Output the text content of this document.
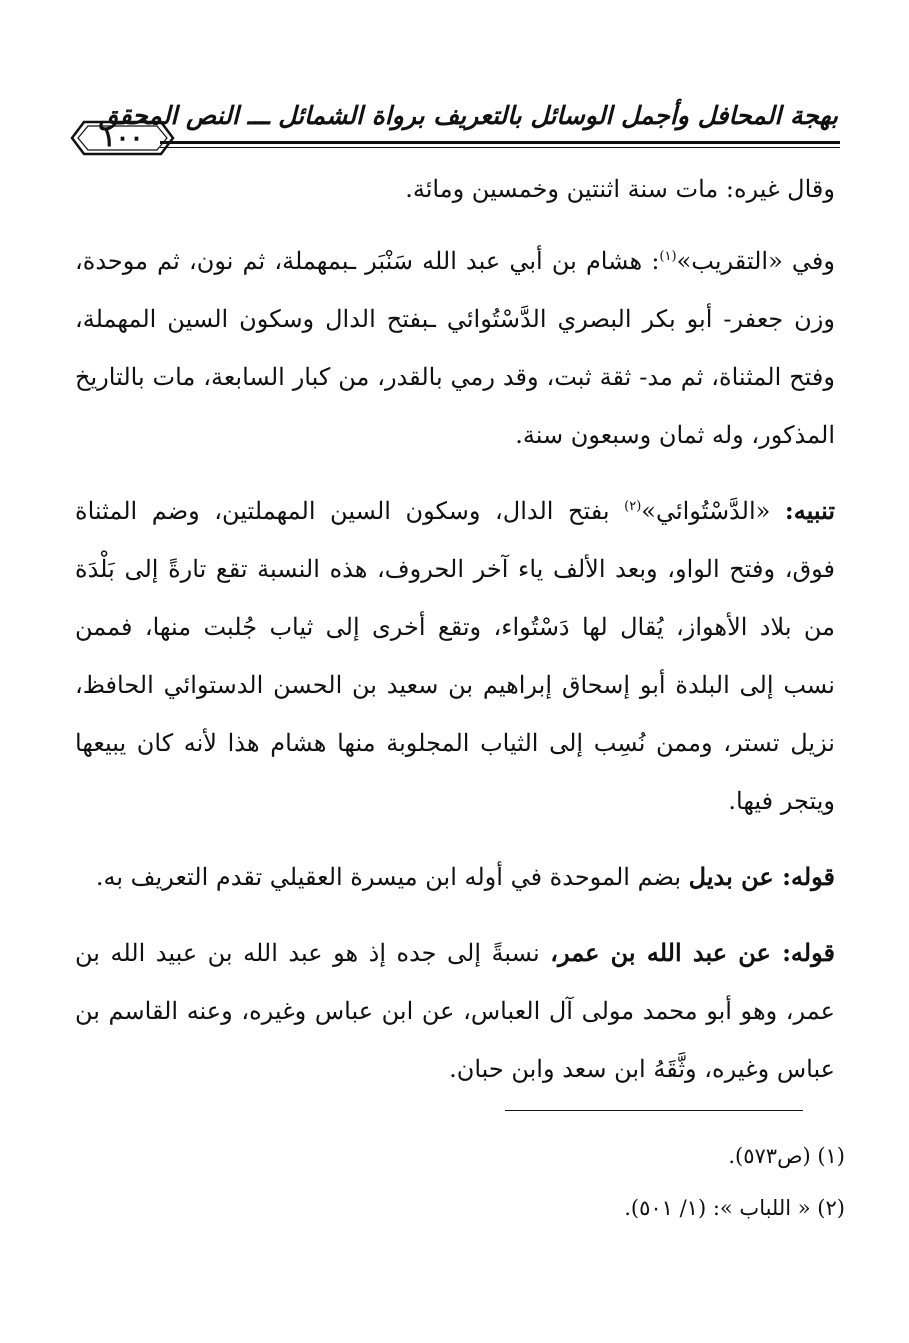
بهجة المحافل وأجمل الوسائل بالتعريف برواة الشمائل ـــ النص المحقق
١٠٠

وقال غيره: مات سنة اثنتين وخمسين ومائة.

وفي «التقريب»$^{(١)}$: هشام بن أبي عبد الله سَنْبَر ـبمهملة، ثم نون، ثم موحدة، وزن جعفر- أبو بكر البصري الدَّسْتُوائي ـبفتح الدال وسكون السين المهملة، وفتح المثناة، ثم مد- ثقة ثبت، وقد رمي بالقدر، من كبار السابعة، مات بالتاريخ المذكور، وله ثمان وسبعون سنة.

تنبيه: «الدَّسْتُوائي»$^{(٢)}$ بفتح الدال، وسكون السين المهملتين، وضم المثناة فوق، وفتح الواو، وبعد الألف ياء آخر الحروف، هذه النسبة تقع تارةً إلى بَلْدَة من بلاد الأهواز، يُقال لها دَسْتُواء، وتقع أخرى إلى ثياب جُلبت منها، فممن نسب إلى البلدة أبو إسحاق إبراهيم بن سعيد بن الحسن الدستوائي الحافظ، نزيل تستر، وممن نُسِب إلى الثياب المجلوبة منها هشام هذا لأنه كان يبيعها ويتجر فيها.

قوله: عن بديل بضم الموحدة في أوله ابن ميسرة العقيلي تقدم التعريف به.

قوله: عن عبد الله بن عمر، نسبةً إلى جده إذ هو عبد الله بن عبيد الله بن عمر، وهو أبو محمد مولى آل العباس، عن ابن عباس وغيره، وعنه القاسم بن عباس وغيره، وثَّقَهُ ابن سعد وابن حبان.

(١) (ص٥٧٣).
(٢) « اللباب »: (١/ ٥٠١).
